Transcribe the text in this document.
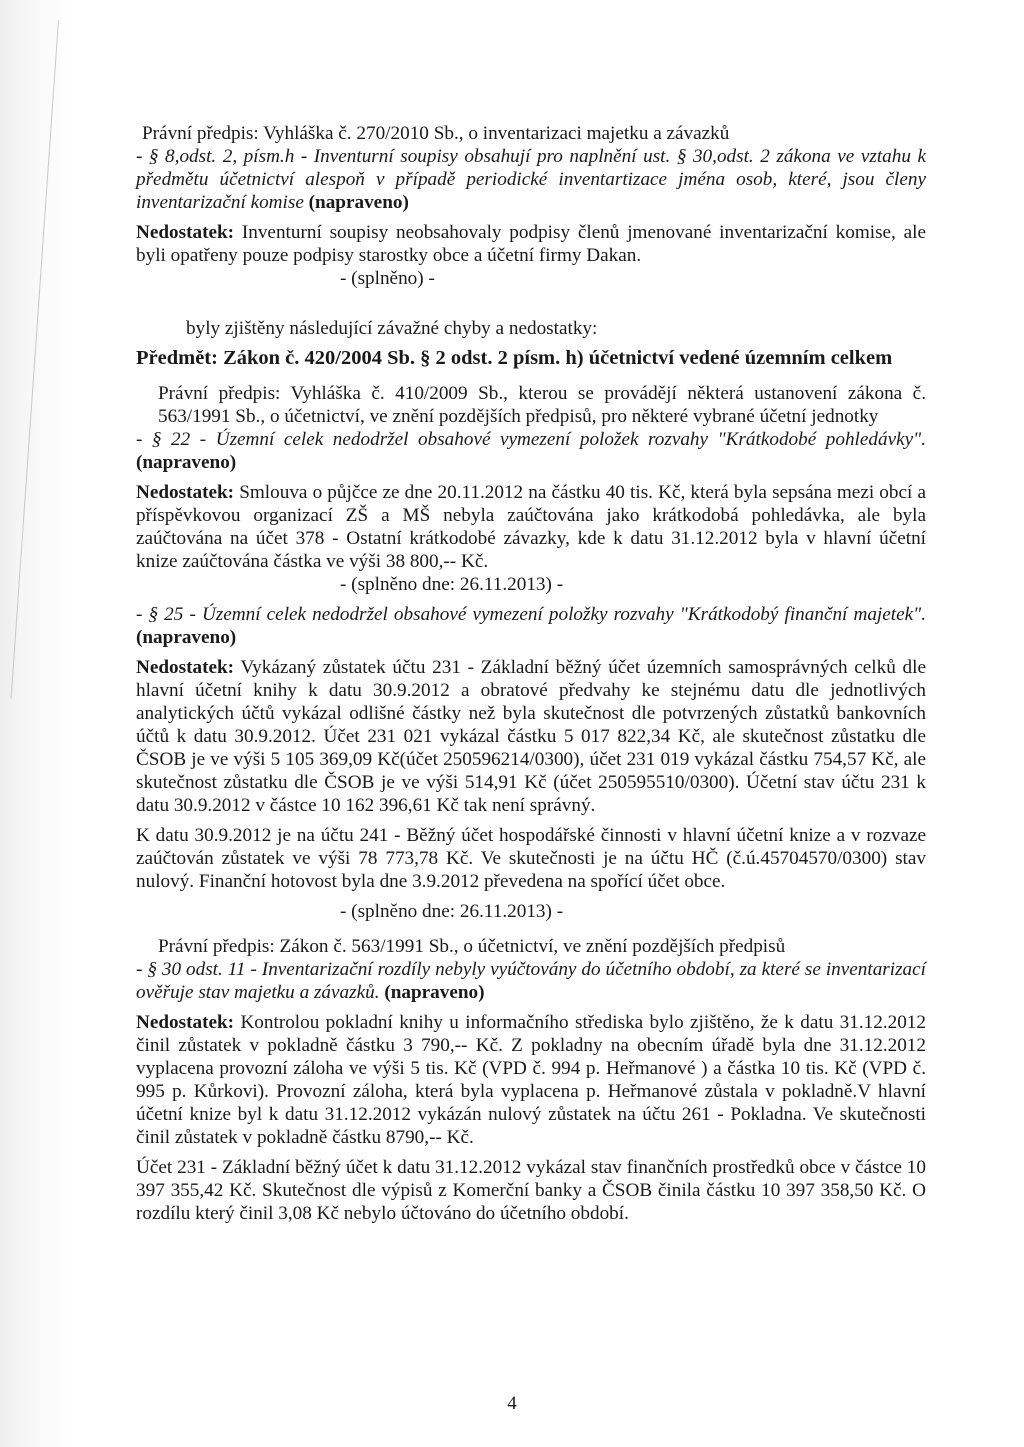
Právní předpis: Vyhláška č. 270/2010 Sb., o inventarizaci majetku a závazků

- § 8,odst. 2, písm.h - Inventurní soupisy obsahují pro naplnění ust. § 30,odst. 2 zákona ve vztahu k předmětu účetnictví alespoň v případě periodické inventartizace jména osob, které, jsou členy inventarizační komise (napraveno)

Nedostatek: Inventurní soupisy neobsahovaly podpisy členů jmenované inventarizační komise, ale byli opatřeny pouze podpisy starostky obce a účetní firmy Dakan.

- (splněno) -

byly zjištěny následující závažné chyby a nedostatky:

Předmět: Zákon č. 420/2004 Sb. § 2 odst. 2 písm. h) účetnictví vedené územním celkem

Právní předpis: Vyhláška č. 410/2009 Sb., kterou se provádějí některá ustanovení zákona č. 563/1991 Sb., o účetnictví, ve znění pozdějších předpisů, pro některé vybrané účetní jednotky

- § 22 - Územní celek nedodržel obsahové vymezení položek rozvahy "Krátkodobé pohledávky". (napraveno)

Nedostatek: Smlouva o půjčce ze dne 20.11.2012 na částku 40 tis. Kč, která byla sepsána mezi obcí a příspěvkovou organizací ZŠ a MŠ nebyla zaúčtována jako krátkodobá pohledávka, ale byla zaúčtována na účet 378 - Ostatní krátkodobé závazky, kde k datu 31.12.2012 byla v hlavní účetní knize zaúčtována částka ve výši 38 800,-- Kč.

- (splněno dne: 26.11.2013) -

- § 25 - Územní celek nedodržel obsahové vymezení položky rozvahy "Krátkodobý finanční majetek". (napraveno)

Nedostatek: Vykázaný zůstatek účtu 231 - Základní běžný účet územních samosprávných celků dle hlavní účetní knihy k datu 30.9.2012 a obratové předvahy ke stejnému datu dle jednotlivých analytických účtů vykázal odlišné částky než byla skutečnost dle potvrzených zůstatků bankovních účtů k datu 30.9.2012. Účet 231 021 vykázal částku 5 017 822,34 Kč, ale skutečnost zůstatku dle ČSOB je ve výši 5 105 369,09 Kč(účet 250596214/0300), účet 231 019 vykázal částku 754,57 Kč, ale skutečnost zůstatku dle ČSOB je ve výši 514,91 Kč (účet 250595510/0300). Účetní stav účtu 231 k datu 30.9.2012 v částce 10 162 396,61 Kč tak není správný.

K datu 30.9.2012 je na účtu 241 - Běžný účet hospodářské činnosti v hlavní účetní knize a v rozvaze zaúčtován zůstatek ve výši 78 773,78 Kč. Ve skutečnosti je na účtu HČ (č.ú.45704570/0300) stav nulový. Finanční hotovost byla dne 3.9.2012 převedena na spořící účet obce.

- (splněno dne: 26.11.2013) -

Právní předpis: Zákon č. 563/1991 Sb., o účetnictví, ve znění pozdějších předpisů

- § 30 odst. 11 - Inventarizační rozdíly nebyly vyúčtovány do účetního období, za které se inventarizací ověřuje stav majetku a závazků. (napraveno)

Nedostatek: Kontrolou pokladní knihy u informačního střediska bylo zjištěno, že k datu 31.12.2012 činil zůstatek v pokladně částku 3 790,-- Kč. Z pokladny na obecním úřadě byla dne 31.12.2012 vyplacena provozní záloha ve výši 5 tis. Kč (VPD č. 994 p. Heřmanové ) a částka 10 tis. Kč (VPD č. 995 p. Kůrkovi). Provozní záloha, která byla vyplacena p. Heřmanové zůstala v pokladně.V hlavní účetní knize byl k datu 31.12.2012 vykázán nulový zůstatek na účtu 261 - Pokladna. Ve skutečnosti činil zůstatek v pokladně částku 8790,-- Kč.

Účet 231 - Základní běžný účet k datu 31.12.2012 vykázal stav finančních prostředků obce v částce 10 397 355,42 Kč. Skutečnost dle výpisů z Komerční banky a ČSOB činila částku 10 397 358,50 Kč. O rozdílu který činil 3,08 Kč nebylo účtováno do účetního období.

4
